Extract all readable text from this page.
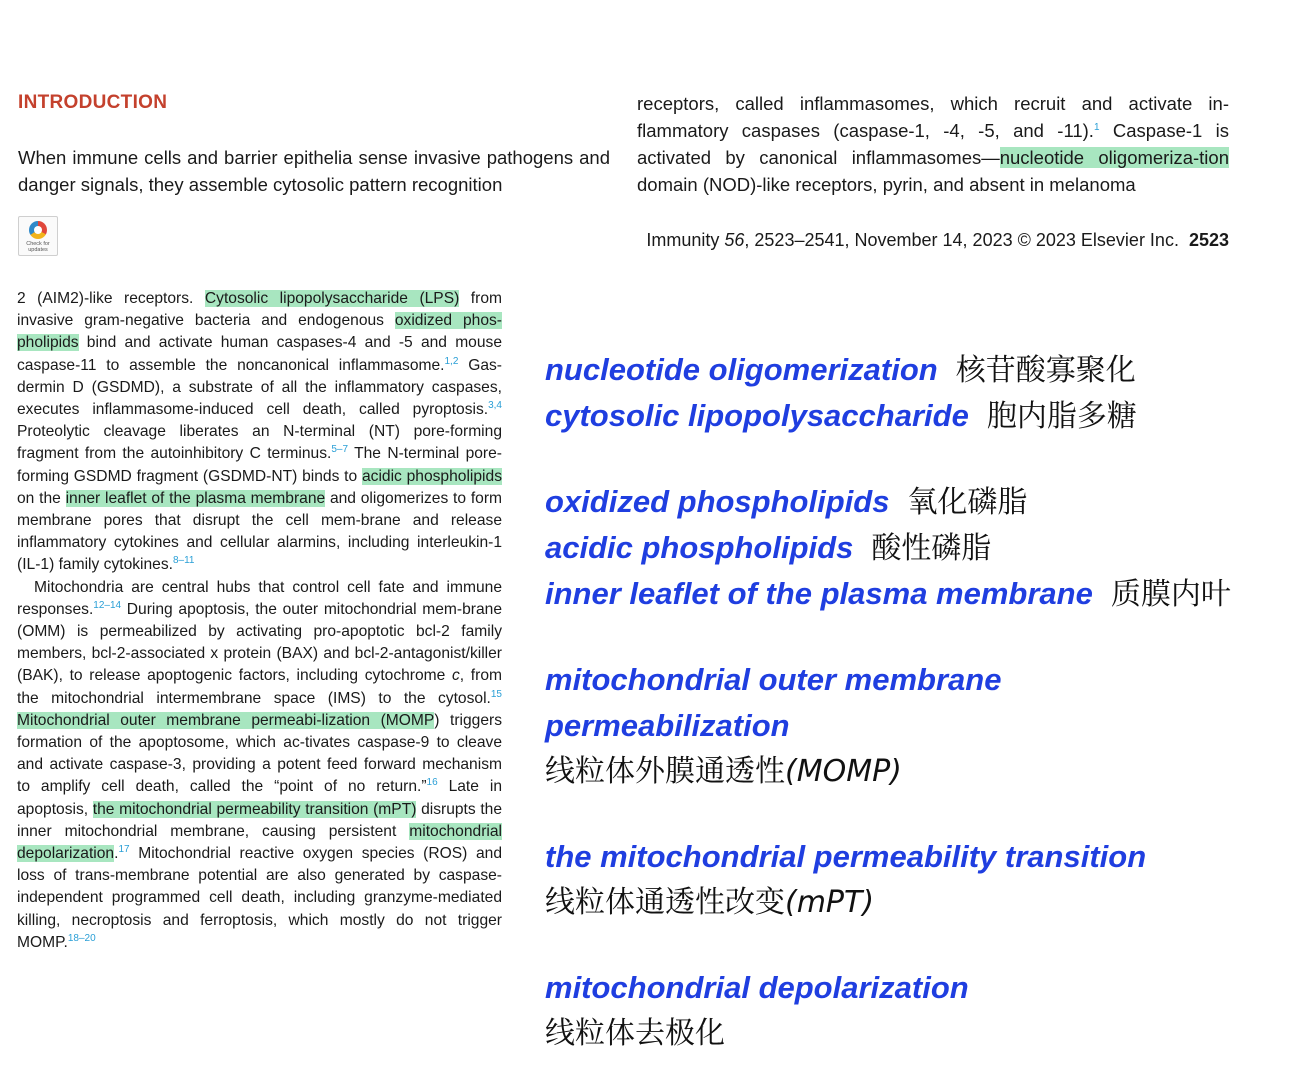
INTRODUCTION
When immune cells and barrier epithelia sense invasive pathogens and danger signals, they assemble cytosolic pattern recognition
receptors, called inflammasomes, which recruit and activate in-flammatory caspases (caspase-1, -4, -5, and -11).$^1$ Caspase-1 is activated by canonical inflammasomes—nucleotide oligomeriza-tion domain (NOD)-like receptors, pyrin, and absent in melanoma
Check for updates	Immunity 56, 2523–2541, November 14, 2023 © 2023 Elsevier Inc. 2523

2 (AIM2)-like receptors. Cytosolic lipopolysaccharide (LPS) from invasive gram-negative bacteria and endogenous oxidized phos-pholipids bind and activate human caspases-4 and -5 and mouse caspase-11 to assemble the noncanonical inflammasome.$^{1,2}$ Gas-dermin D (GSDMD), a substrate of all the inflammatory caspases, executes inflammasome-induced cell death, called pyroptosis.$^{3,4}$ Proteolytic cleavage liberates an N-terminal (NT) pore-forming fragment from the autoinhibitory C terminus.$^{5-7}$ The N-terminal pore-forming GSDMD fragment (GSDMD-NT) binds to acidic phospholipids on the inner leaflet of the plasma membrane and oligomerizes to form membrane pores that disrupt the cell mem-brane and release inflammatory cytokines and cellular alarmins, including interleukin-1 (IL-1) family cytokines.$^{8-11}$

Mitochondria are central hubs that control cell fate and immune responses.$^{12-14}$ During apoptosis, the outer mitochondrial mem-brane (OMM) is permeabilized by activating pro-apoptotic bcl-2 family members, bcl-2-associated x protein (BAX) and bcl-2-antagonist/killer (BAK), to release apoptogenic factors, including cytochrome c, from the mitochondrial intermembrane space (IMS) to the cytosol.$^{15}$ Mitochondrial outer membrane permeabi-lization (MOMP) triggers formation of the apoptosome, which ac-tivates caspase-9 to cleave and activate caspase-3, providing a potent feed forward mechanism to amplify cell death, called the “point of no return.”$^{16}$ Late in apoptosis, the mitochondrial permeability transition (mPT) disrupts the inner mitochondrial membrane, causing persistent mitochondrial depolarization.$^{17}$ Mitochondrial reactive oxygen species (ROS) and loss of trans-membrane potential are also generated by caspase-independent programmed cell death, including granzyme-mediated killing, necroptosis and ferroptosis, which mostly do not trigger MOMP.$^{18-20}$

nucleotide oligomerization 核苷酸寡聚化
cytosolic lipopolysaccharide 胞内脂多糖
oxidized phospholipids 氧化磷脂
acidic phospholipids 酸性磷脂
inner leaflet of the plasma membrane 质膜内叶
mitochondrial outer membrane
permeabilization
线粒体外膜通透性(MOMP)
the mitochondrial permeability transition
线粒体通透性改变(mPT)
mitochondrial depolarization
线粒体去极化
